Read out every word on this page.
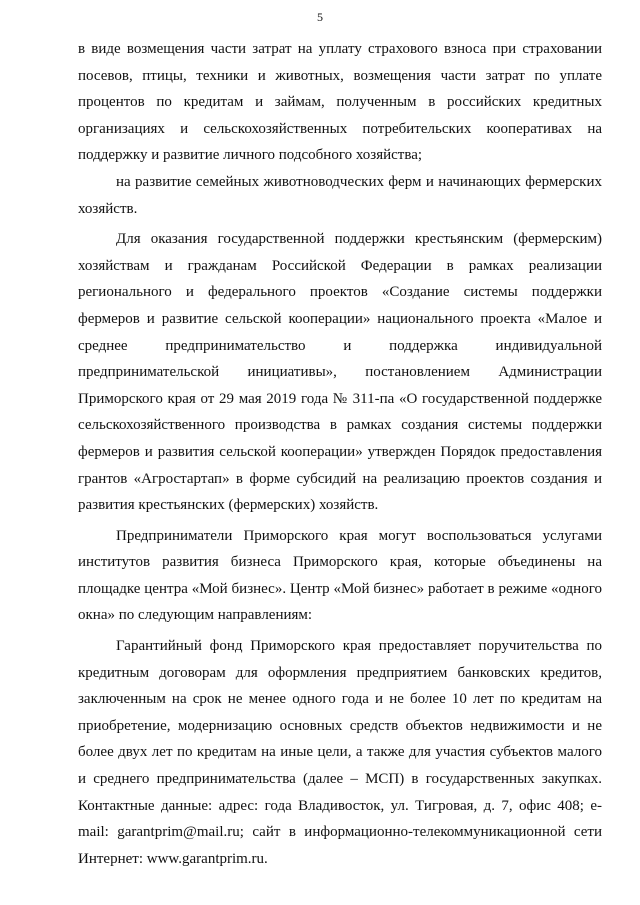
5

в виде возмещения части затрат на уплату страхового взноса при страховании посевов, птицы, техники и животных, возмещения части затрат по уплате процентов по кредитам и займам, полученным в российских кредитных организациях и сельскохозяйственных потребительских кооперативах на поддержку и развитие личного подсобного хозяйства;

на развитие семейных животноводческих ферм и начинающих фермерских хозяйств.

Для оказания государственной поддержки крестьянским (фермерским) хозяйствам и гражданам Российской Федерации в рамках реализации регионального и федерального проектов «Создание системы поддержки фермеров и развитие сельской кооперации» национального проекта «Малое и среднее предпринимательство и поддержка индивидуальной предпринимательской инициативы», постановлением Администрации Приморского края от 29 мая 2019 года № 311-па «О государственной поддержке сельскохозяйственного производства в рамках создания системы поддержки фермеров и развития сельской кооперации» утвержден Порядок предоставления грантов «Агростартап» в форме субсидий на реализацию проектов создания и развития крестьянских (фермерских) хозяйств.

Предприниматели Приморского края могут воспользоваться услугами институтов развития бизнеса Приморского края, которые объединены на площадке центра «Мой бизнес». Центр «Мой бизнес» работает в режиме «одного окна» по следующим направлениям:

Гарантийный фонд Приморского края предоставляет поручительства по кредитным договорам для оформления предприятием банковских кредитов, заключенным на срок не менее одного года и не более 10 лет по кредитам на приобретение, модернизацию основных средств объектов недвижимости и не более двух лет по кредитам на иные цели, а также для участия субъектов малого и среднего предпринимательства (далее – МСП) в государственных закупках. Контактные данные: адрес: года Владивосток, ул. Тигровая, д. 7, офис 408; e-mail: garantprim@mail.ru; сайт в информационно-телекоммуникационной сети Интернет: www.garantprim.ru.
